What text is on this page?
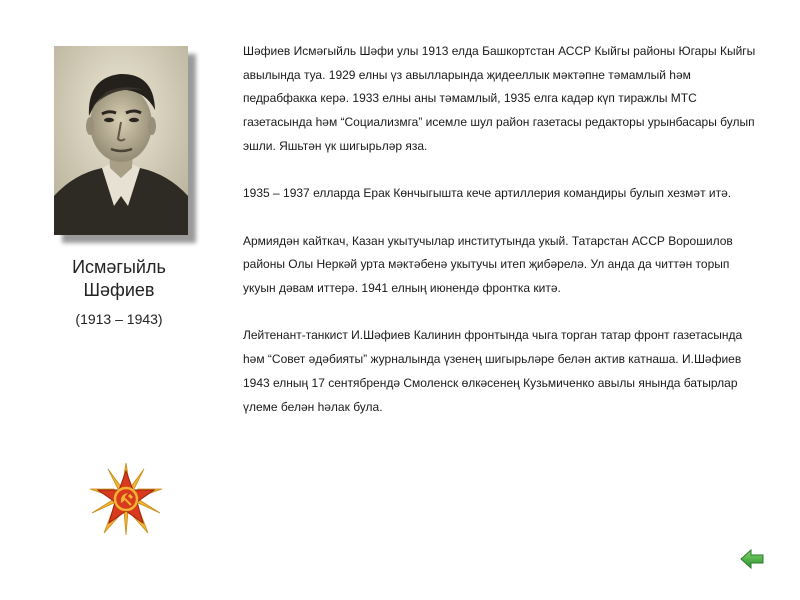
Исмәгыйль
Шәфиев
(1913 – 1943)

Шәфиев Исмәгыйль Шәфи улы 1913 елда Башкортстан АССР Кыйгы районы Югары Кыйгы авылында туа. 1929 елны үз авылларында җидееллык мәктәпне тәмамлый һәм педрабфакка керә. 1933 елны аны тәмамлый, 1935 елга кадәр күп тиражлы МТС газетасында һәм “Социализмга” исемле шул район газетасы редакторы урынбасары булып эшли. Яшьтән үк шигырьләр яза.

1935 – 1937 елларда Ерак Көнчыгышта кече артиллерия командиры булып хезмәт итә.

Армиядән кайткач, Казан укытучылар институтында укый. Татарстан АССР Ворошилов районы Олы Неркәй урта мәктәбенә укытучы итеп җибәрелә. Ул анда да читтән торып укуын дәвам иттерә. 1941 елның июнендә фронтка китә.

Лейтенант-танкист И.Шәфиев Калинин фронтында чыга торган татар фронт газетасында һәм “Совет әдәбияты” журналында үзенең шигырьләре белән актив катнаша. И.Шәфиев 1943 елның 17 сентябрендә Смоленск өлкәсенең Кузьмиченко авылы янында батырлар үлеме белән һәлак була.
